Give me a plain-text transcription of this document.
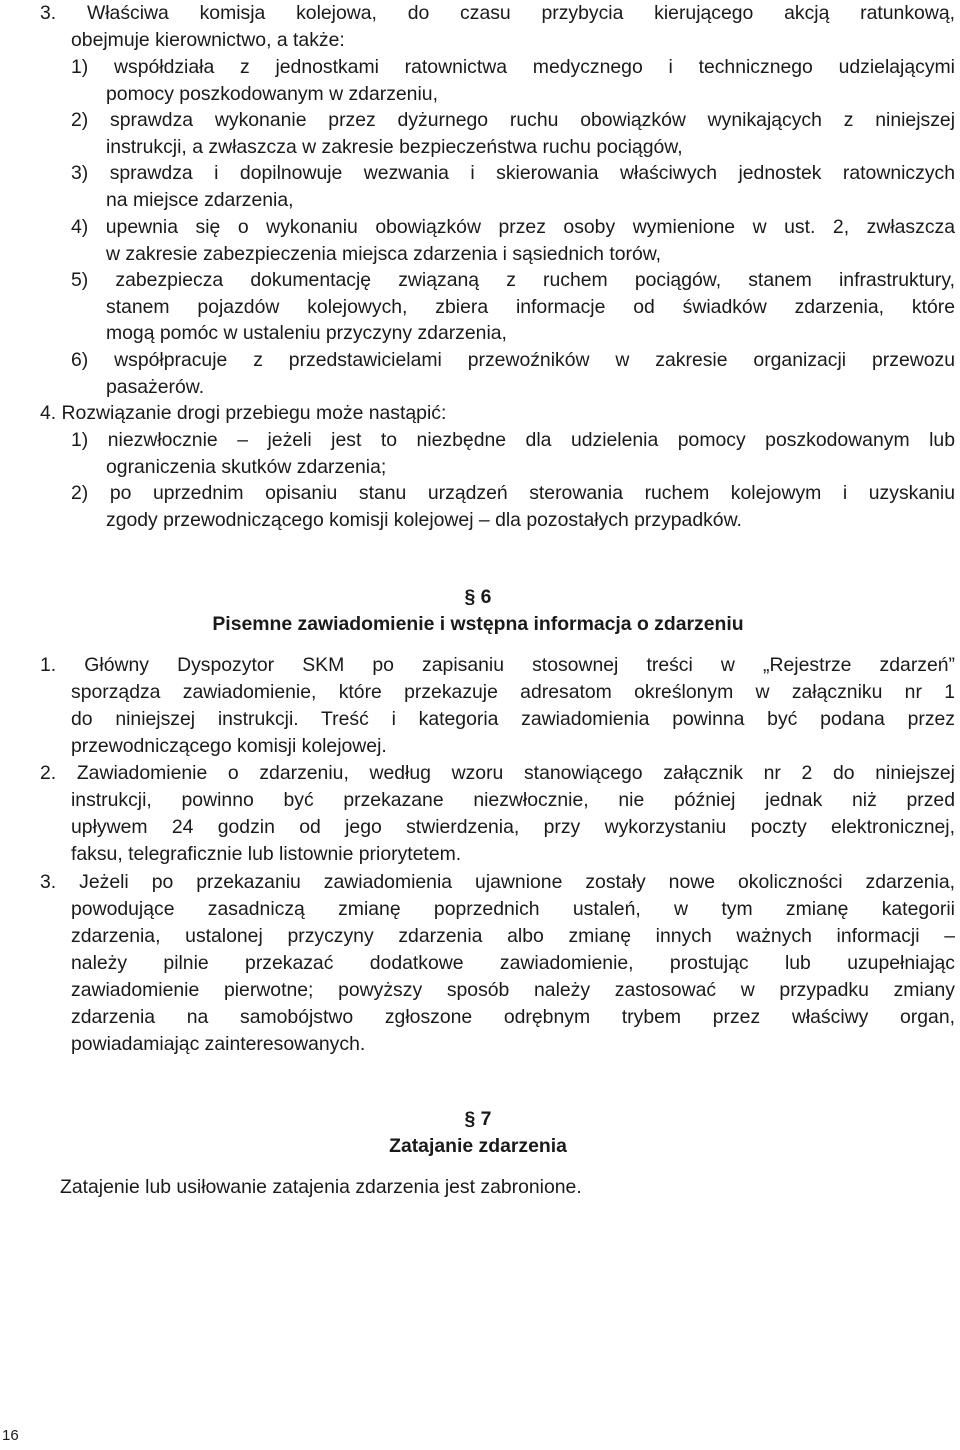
16
3. Właściwa komisja kolejowa, do czasu przybycia kierującego akcją ratunkową,
obejmuje kierownictwo, a także:
1) współdziała z jednostkami ratownictwa medycznego i technicznego udzielającymi
pomocy poszkodowanym w zdarzeniu,
2) sprawdza wykonanie przez dyżurnego ruchu obowiązków wynikających z niniejszej
instrukcji, a zwłaszcza w zakresie bezpieczeństwa ruchu pociągów,
3) sprawdza i dopilnowuje wezwania i skierowania właściwych jednostek ratowniczych
na miejsce zdarzenia,
4) upewnia się o wykonaniu obowiązków przez osoby wymienione w ust. 2, zwłaszcza
w zakresie zabezpieczenia miejsca zdarzenia i sąsiednich torów,
5) zabezpiecza dokumentację związaną z ruchem pociągów, stanem infrastruktury,
stanem pojazdów kolejowych, zbiera informacje od świadków zdarzenia, które
mogą pomóc w ustaleniu przyczyny zdarzenia,
6) współpracuje z przedstawicielami przewoźników w zakresie organizacji przewozu
pasażerów.
4. Rozwiązanie drogi przebiegu może nastąpić:
1) niezwłocznie – jeżeli jest to niezbędne dla udzielenia pomocy poszkodowanym lub
ograniczenia skutków zdarzenia;
2) po uprzednim opisaniu stanu urządzeń sterowania ruchem kolejowym i uzyskaniu
zgody przewodniczącego komisji kolejowej – dla pozostałych przypadków.
1. Główny Dyspozytor SKM po zapisaniu stosownej treści w „Rejestrze zdarzeń”
sporządza zawiadomienie, które przekazuje adresatom określonym w załączniku nr 1
do niniejszej instrukcji. Treść i kategoria zawiadomienia powinna być podana przez
przewodniczącego komisji kolejowej.
2. Zawiadomienie o zdarzeniu, według wzoru stanowiącego załącznik nr 2 do niniejszej
instrukcji, powinno być przekazane niezwłocznie, nie później jednak niż przed
upływem 24 godzin od jego stwierdzenia, przy wykorzystaniu poczty elektronicznej,
faksu, telegraficznie lub listownie priorytetem.
3. Jeżeli po przekazaniu zawiadomienia ujawnione zostały nowe okoliczności zdarzenia,
powodujące zasadniczą zmianę poprzednich ustaleń, w tym zmianę kategorii
zdarzenia, ustalonej przyczyny zdarzenia albo zmianę innych ważnych informacji –
należy pilnie przekazać dodatkowe zawiadomienie, prostując lub uzupełniając
zawiadomienie pierwotne; powyższy sposób należy zastosować w przypadku zmiany
zdarzenia na samobójstwo zgłoszone odrębnym trybem przez właściwy organ,
powiadamiając zainteresowanych.
Zatajenie lub usiłowanie zatajenia zdarzenia jest zabronione.
§ 6
Pisemne zawiadomienie i wstępna informacja o zdarzeniu
§ 7
Zatajanie zdarzenia
